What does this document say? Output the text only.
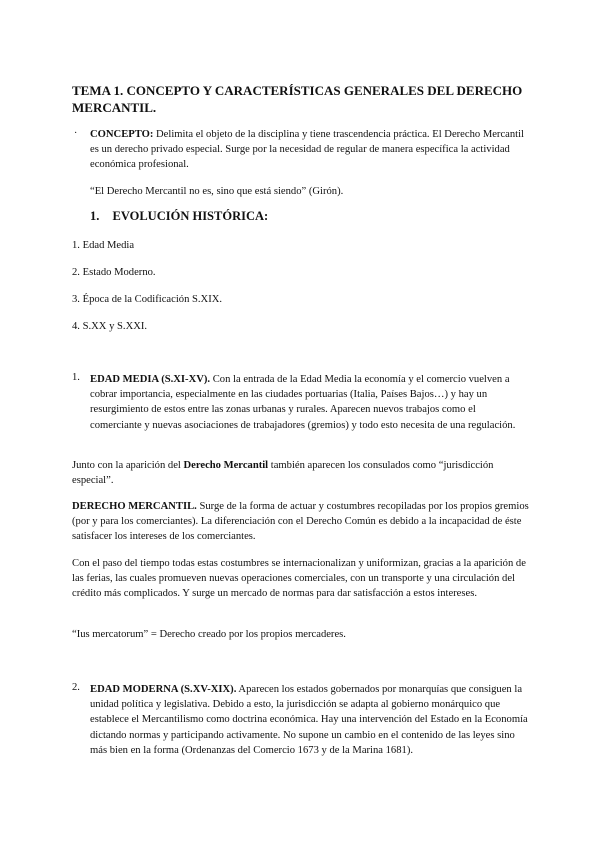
TEMA 1. CONCEPTO Y CARACTERÍSTICAS GENERALES DEL DERECHO MERCANTIL.
· CONCEPTO: Delimita el objeto de la disciplina y tiene trascendencia práctica. El Derecho Mercantil es un derecho privado especial. Surge por la necesidad de regular de manera específica la actividad económica profesional.
“El Derecho Mercantil no es, sino que está siendo” (Girón).
1. EVOLUCIÓN HISTÓRICA:
1. Edad Media
2. Estado Moderno.
3. Época de la Codificación S.XIX.
4. S.XX y S.XXI.
1. EDAD MEDIA (S.XI-XV). Con la entrada de la Edad Media la economía y el comercio vuelven a cobrar importancia, especialmente en las ciudades portuarias (Italia, Países Bajos…) y hay un resurgimiento de estos entre las zonas urbanas y rurales. Aparecen nuevos trabajos como el comerciante y nuevas asociaciones de trabajadores (gremios) y todo esto necesita de una regulación.
Junto con la aparición del Derecho Mercantil también aparecen los consulados como “jurisdicción especial”.
DERECHO MERCANTIL. Surge de la forma de actuar y costumbres recopiladas por los propios gremios (por y para los comerciantes). La diferenciación con el Derecho Común es debido a la incapacidad de éste satisfacer los intereses de los comerciantes.
Con el paso del tiempo todas estas costumbres se internacionalizan y uniformizan, gracias a la aparición de las ferias, las cuales promueven nuevas operaciones comerciales, con un transporte y una circulación del crédito más complicados. Y surge un mercado de normas para dar satisfacción a estos intereses.
“Ius mercatorum” = Derecho creado por los propios mercaderes.
2. EDAD MODERNA (S.XV-XIX). Aparecen los estados gobernados por monarquías que consiguen la unidad política y legislativa. Debido a esto, la jurisdicción se adapta al gobierno monárquico que establece el Mercantilismo como doctrina económica. Hay una intervención del Estado en la Economía dictando normas y participando activamente. No supone un cambio en el contenido de las leyes sino más bien en la forma (Ordenanzas del Comercio 1673 y de la Marina 1681).
